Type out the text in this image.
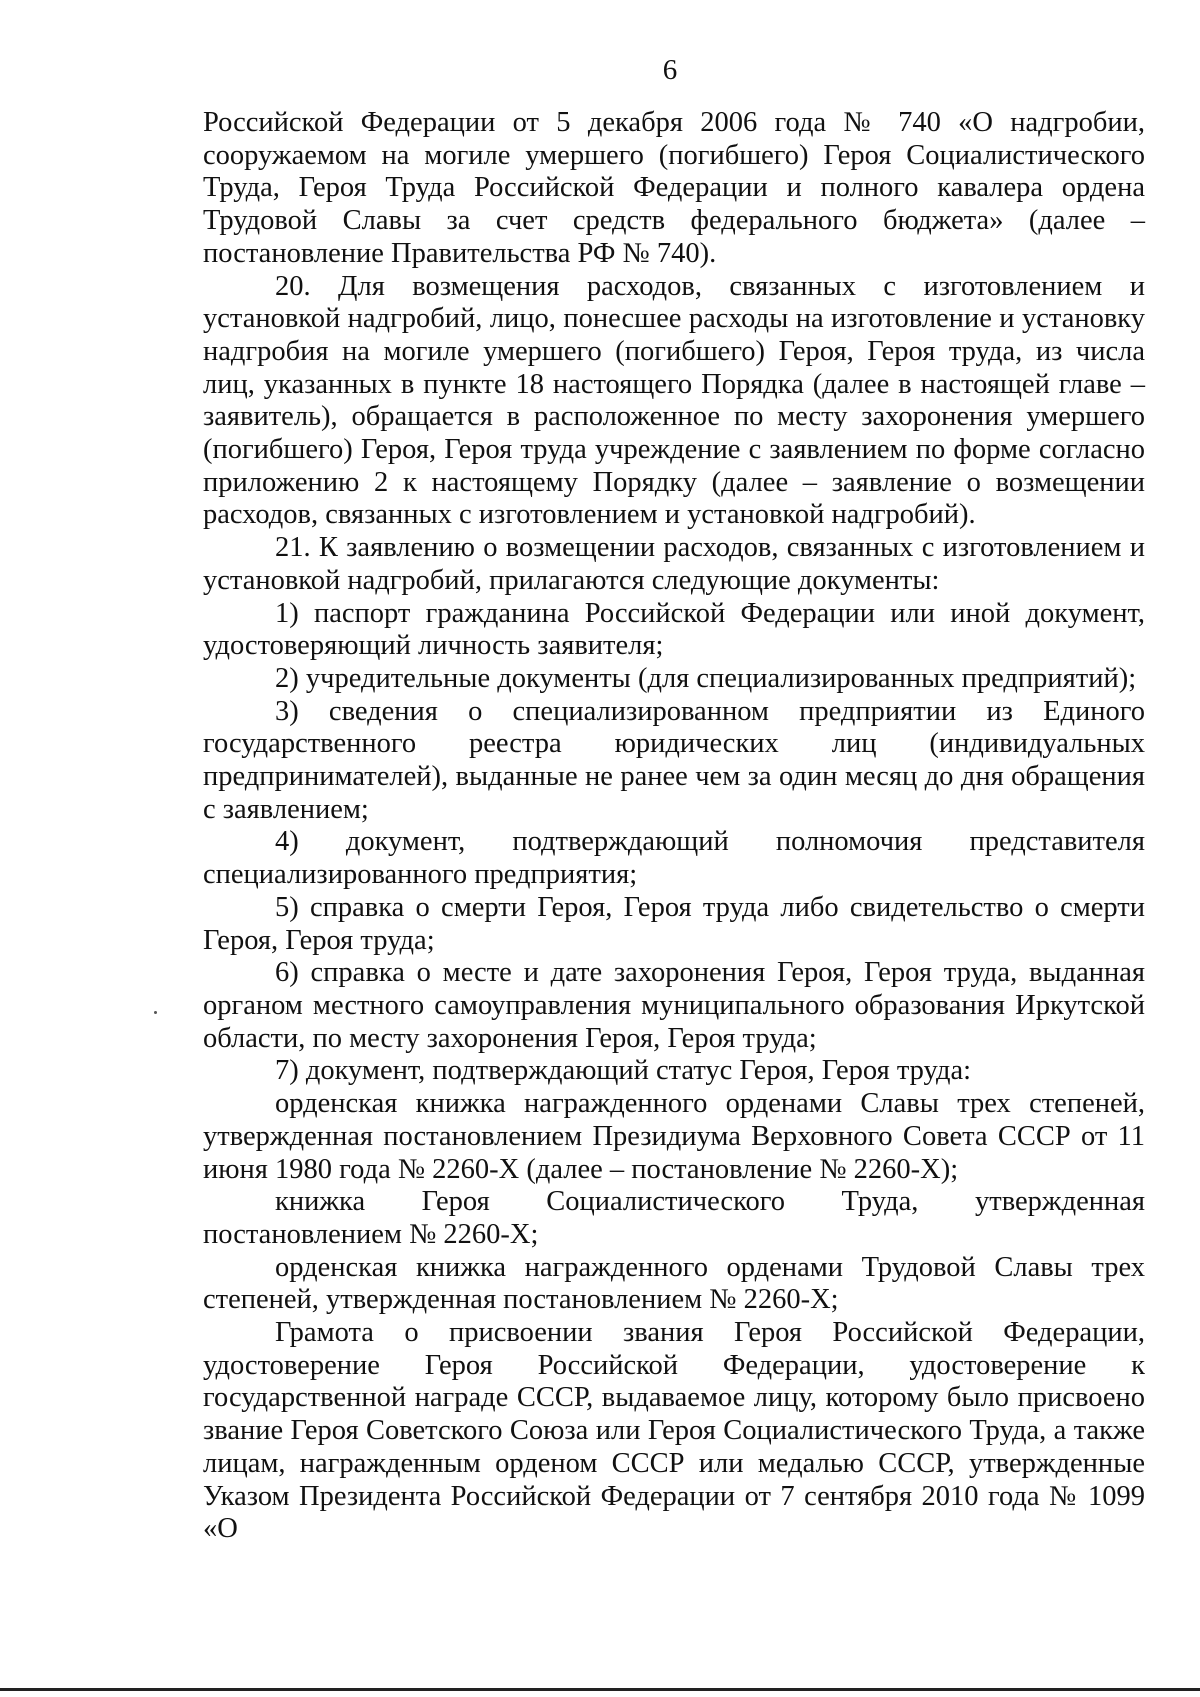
6

Российской Федерации от 5 декабря 2006 года № 740 «О надгробии, сооружаемом на могиле умершего (погибшего) Героя Социалистического Труда, Героя Труда Российской Федерации и полного кавалера ордена Трудовой Славы за счет средств федерального бюджета» (далее – постановление Правительства РФ № 740).

20. Для возмещения расходов, связанных с изготовлением и установкой надгробий, лицо, понесшее расходы на изготовление и установку надгробия на могиле умершего (погибшего) Героя, Героя труда, из числа лиц, указанных в пункте 18 настоящего Порядка (далее в настоящей главе – заявитель), обращается в расположенное по месту захоронения умершего (погибшего) Героя, Героя труда учреждение с заявлением по форме согласно приложению 2 к настоящему Порядку (далее – заявление о возмещении расходов, связанных с изготовлением и установкой надгробий).

21. К заявлению о возмещении расходов, связанных с изготовлением и установкой надгробий, прилагаются следующие документы:

1) паспорт гражданина Российской Федерации или иной документ, удостоверяющий личность заявителя;

2) учредительные документы (для специализированных предприятий);

3) сведения о специализированном предприятии из Единого государственного реестра юридических лиц (индивидуальных предпринимателей), выданные не ранее чем за один месяц до дня обращения с заявлением;

4) документ, подтверждающий полномочия представителя специализированного предприятия;

5) справка о смерти Героя, Героя труда либо свидетельство о смерти Героя, Героя труда;

6) справка о месте и дате захоронения Героя, Героя труда, выданная органом местного самоуправления муниципального образования Иркутской области, по месту захоронения Героя, Героя труда;

7) документ, подтверждающий статус Героя, Героя труда:

орденская книжка награжденного орденами Славы трех степеней, утвержденная постановлением Президиума Верховного Совета СССР от 11 июня 1980 года № 2260-X (далее – постановление № 2260-X);

книжка Героя Социалистического Труда, утвержденная постановлением № 2260-X;

орденская книжка награжденного орденами Трудовой Славы трех степеней, утвержденная постановлением № 2260-X;

Грамота о присвоении звания Героя Российской Федерации, удостоверение Героя Российской Федерации, удостоверение к государственной награде СССР, выдаваемое лицу, которому было присвоено звание Героя Советского Союза или Героя Социалистического Труда, а также лицам, награжденным орденом СССР или медалью СССР, утвержденные Указом Президента Российской Федерации от 7 сентября 2010 года № 1099 «О
